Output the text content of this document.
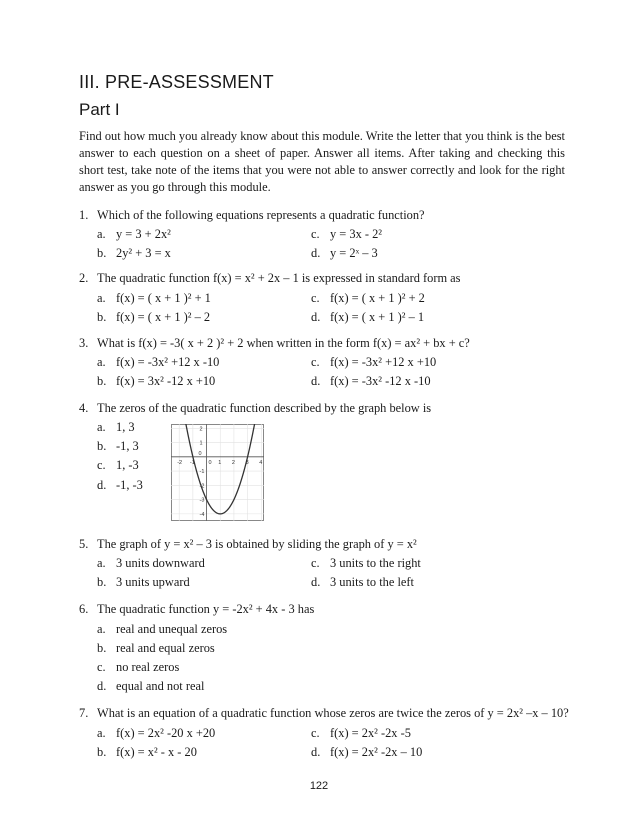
III. PRE-ASSESSMENT
Part I
Find out how much you already know about this module. Write the letter that you think is the best answer to each question on a sheet of paper. Answer all items. After taking and checking this short test, take note of the items that you were not able to answer correctly and look for the right answer as you go through this module.
1. Which of the following equations represents a quadratic function?
a. y = 3 + 2x²	c. y = 3x - 2²
b. 2y² + 3 = x	d. y = 2ˣ – 3
2. The quadratic function f(x) = x² + 2x – 1 is expressed in standard form as
a. f(x) = ( x + 1 )² + 1	c. f(x) = ( x + 1 )² + 2
b. f(x) = ( x + 1 )² – 2	d. f(x) = ( x + 1 )² – 1
3. What is f(x) = -3( x + 2 )² + 2 when written in the form f(x) = ax² + bx + c?
a. f(x) = -3x² +12 x -10	c. f(x) = -3x² +12 x +10
b. f(x) = 3x² -12 x +10	d. f(x) = -3x² -12 x -10
4. The zeros of the quadratic function described by the graph below is
a. 1, 3
b. -1, 3
c. 1, -3
d. -1, -3
-2	0 1 2 3 4
-1
2
1
0
-1
-2
-3
-4
5. The graph of y = x² – 3 is obtained by sliding the graph of y = x²
a. 3 units downward	c. 3 units to the right
b. 3 units upward	d. 3 units to the left
6. The quadratic function y = -2x² + 4x - 3 has
a. real and unequal zeros
b. real and equal zeros
c. no real zeros
d. equal and not real
7. What is an equation of a quadratic function whose zeros are twice the zeros of y = 2x² –x – 10?
a. f(x) = 2x² -20 x +20	c. f(x) = 2x² -2x -5
b. f(x) = x² - x - 20	d. f(x) = 2x² -2x – 10
122
